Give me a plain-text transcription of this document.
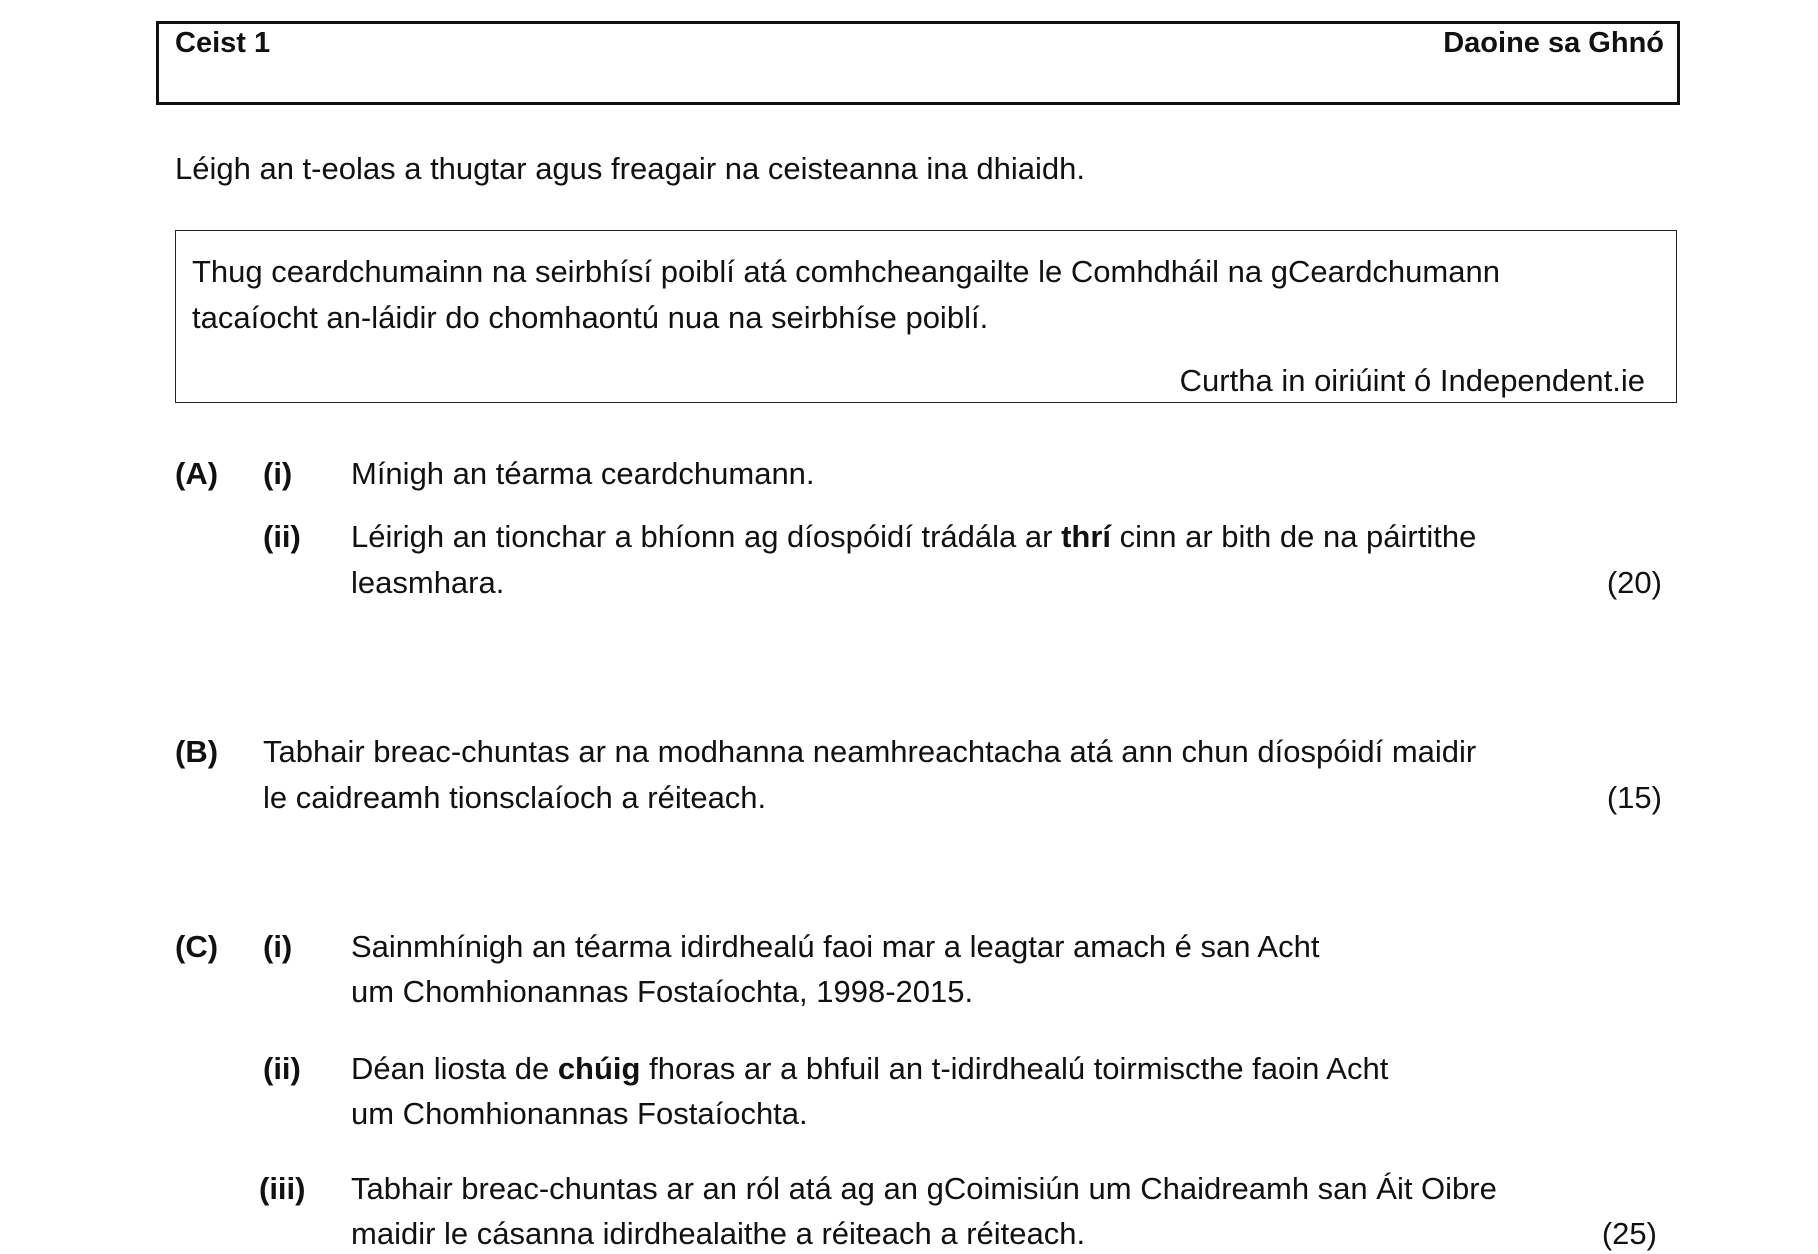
Ceist 1	Daoine sa Ghnó
Léigh an t-eolas a thugtar agus freagair na ceisteanna ina dhiaidh.
Thug ceardchumainn na seirbhísí poiblí atá comhcheangailte le Comhdháil na gCeardchumann
tacaíocht an-láidir do chomhaontú nua na seirbhíse poiblí.
Curtha in oiriúint ó Independent.ie
(A) (i) Mínigh an téarma ceardchumann.
(ii) Léirigh an tionchar a bhíonn ag díospóidí trádála ar thrí cinn ar bith de na páirtithe
leasmhara.	(20)
(B) Tabhair breac-chuntas ar na modhanna neamhreachtacha atá ann chun díospóidí maidir
le caidreamh tionsclaíoch a réiteach.	(15)
(C) (i) Sainmhínigh an téarma idirdhealú faoi mar a leagtar amach é san Acht
um Chomhionannas Fostaíochta, 1998-2015.
(ii) Déan liosta de chúig fhoras ar a bhfuil an t-idirdhealú toirmiscthe faoin Acht
um Chomhionannas Fostaíochta.
(iii) Tabhair breac-chuntas ar an ról atá ag an gCoimisiún um Chaidreamh san Áit Oibre
maidir le cásanna idirdhealaithe a réiteach a réiteach.	(25)
